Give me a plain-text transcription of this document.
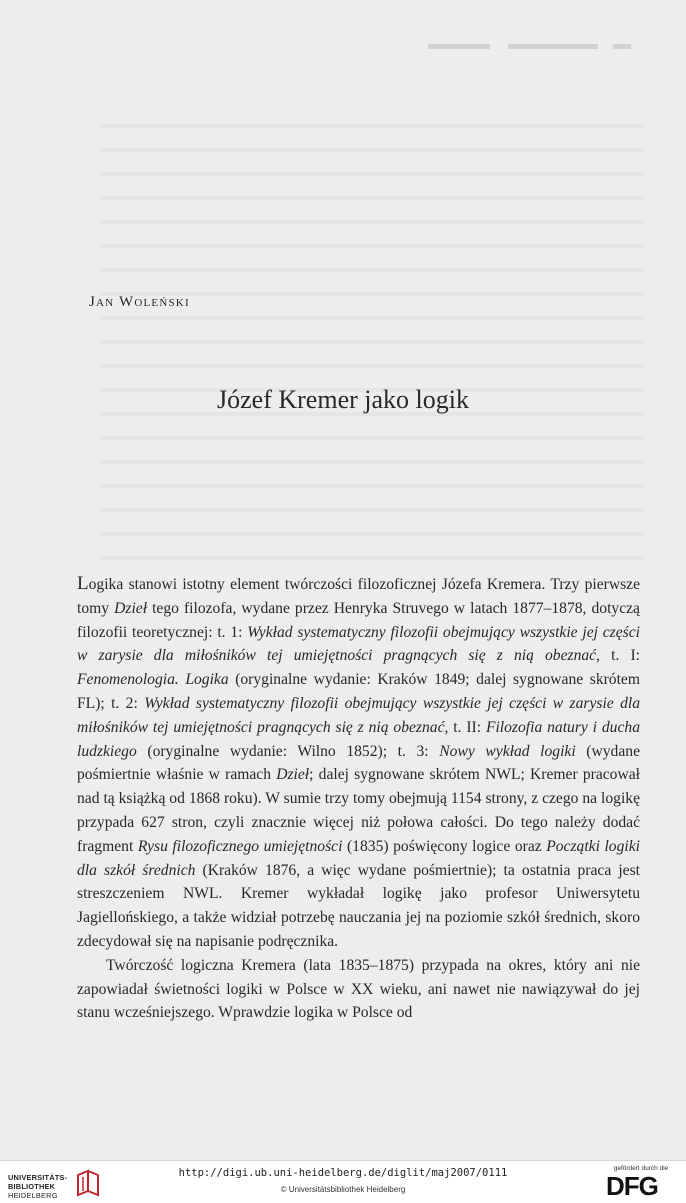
Jan Woleński
Józef Kremer jako logik

Logika stanowi istotny element twórczości filozoficznej Józefa Kremera. Trzy pierwsze tomy Dzieł tego filozofa, wydane przez Henryka Struvego w latach 1877–1878, dotyczą filozofii teoretycznej: t. 1: Wykład systematyczny filozofii obejmujący wszystkie jej części w zarysie dla miłośników tej umiejętności pragnących się z nią obeznać, t. I: Fenomenologia. Logika (oryginalne wydanie: Kraków 1849; dalej sygnowane skrótem FL); t. 2: Wykład systematyczny filozofii obejmujący wszystkie jej części w zarysie dla miłośników tej umiejętności pragnących się z nią obeznać, t. II: Filozofia natury i ducha ludzkiego (oryginalne wydanie: Wilno 1852); t. 3: Nowy wykład logiki (wydane pośmiertnie właśnie w ramach Dzieł; dalej sygnowane skrótem NWL; Kremer pracował nad tą książką od 1868 roku). W sumie trzy tomy obejmują 1154 strony, z czego na logikę przypada 627 stron, czyli znacznie więcej niż połowa całości. Do tego należy dodać fragment Rysu filozoficznego umiejętności (1835) poświęcony logice oraz Początki logiki dla szkół średnich (Kraków 1876, a więc wydane pośmiertnie); ta ostatnia praca jest streszczeniem NWL. Kremer wykładał logikę jako profesor Uniwersytetu Jagiellońskiego, a także widział potrzebę nauczania jej na poziomie szkół średnich, skoro zdecydował się na napisanie podręcznika.

Twórczość logiczna Kremera (lata 1835–1875) przypada na okres, który ani nie zapowiadał świetności logiki w Polsce w XX wieku, ani nawet nie nawiązywał do jej stanu wcześniejszego. Wprawdzie logika w Polsce od

UNIVERSITÄTS-
BIBLIOTHEK
HEIDELBERG
http://digi.ub.uni-heidelberg.de/diglit/maj2007/0111
© Universitätsbibliothek Heidelberg
gefördert durch die
DFG
